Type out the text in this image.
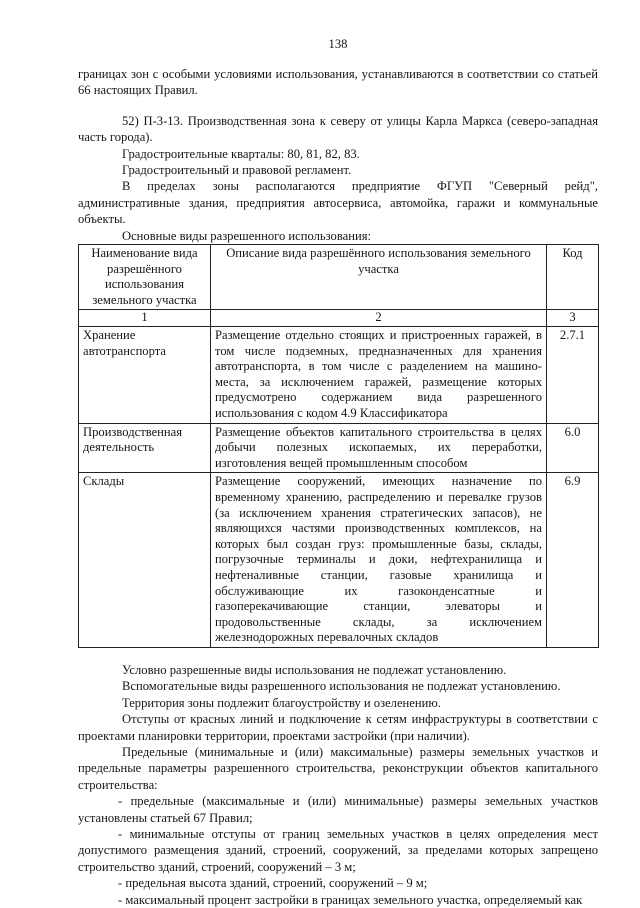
138

границах зон с особыми условиями использования, устанавливаются в соответствии со статьей 66 настоящих Правил.

52) П-3-13. Производственная зона к северу от улицы Карла Маркса (северо-западная часть города).

Градостроительные кварталы: 80, 81, 82, 83.

Градостроительный и правовой регламент.

В пределах зоны располагаются предприятие ФГУП "Северный рейд", административные здания, предприятия автосервиса, автомойка, гаражи и коммунальные объекты.

Основные виды разрешенного использования:

Наименование вида разрешённого использования земельного участка	Описание вида разрешённого использования земельного участка	Код
1	2	3
Хранение автотранспорта	Размещение отдельно стоящих и пристроенных гаражей, в том числе подземных, предназначенных для хранения автотранспорта, в том числе с разделением на машино-места, за исключением гаражей, размещение которых предусмотрено содержанием вида разрешенного использования с кодом 4.9 Классификатора	2.7.1
Производственная деятельность	Размещение объектов капитального строительства в целях добычи полезных ископаемых, их переработки, изготовления вещей промышленным способом	6.0
Склады	Размещение сооружений, имеющих назначение по временному хранению, распределению и перевалке грузов (за исключением хранения стратегических запасов), не являющихся частями производственных комплексов, на которых был создан груз: промышленные базы, склады, погрузочные терминалы и доки, нефтехранилища и нефтеналивные станции, газовые хранилища и обслуживающие их газоконденсатные и газоперекачивающие станции, элеваторы и продовольственные склады, за исключением железнодорожных перевалочных складов	6.9

Условно разрешенные виды использования не подлежат установлению.

Вспомогательные виды разрешенного использования не подлежат установлению.

Территория зоны подлежит благоустройству и озеленению.

Отступы от красных линий и подключение к сетям инфраструктуры в соответствии с проектами планировки территории, проектами застройки (при наличии).

Предельные (минимальные и (или) максимальные) размеры земельных участков и предельные параметры разрешенного строительства, реконструкции объектов капитального строительства:

- предельные (максимальные и (или) минимальные) размеры земельных участков установлены статьей 67 Правил;

- минимальные отступы от границ земельных участков в целях определения мест допустимого размещения зданий, строений, сооружений, за пределами которых запрещено строительство зданий, строений, сооружений – 3 м;

- предельная высота зданий, строений, сооружений – 9 м;

- максимальный процент застройки в границах земельного участка, определяемый как
